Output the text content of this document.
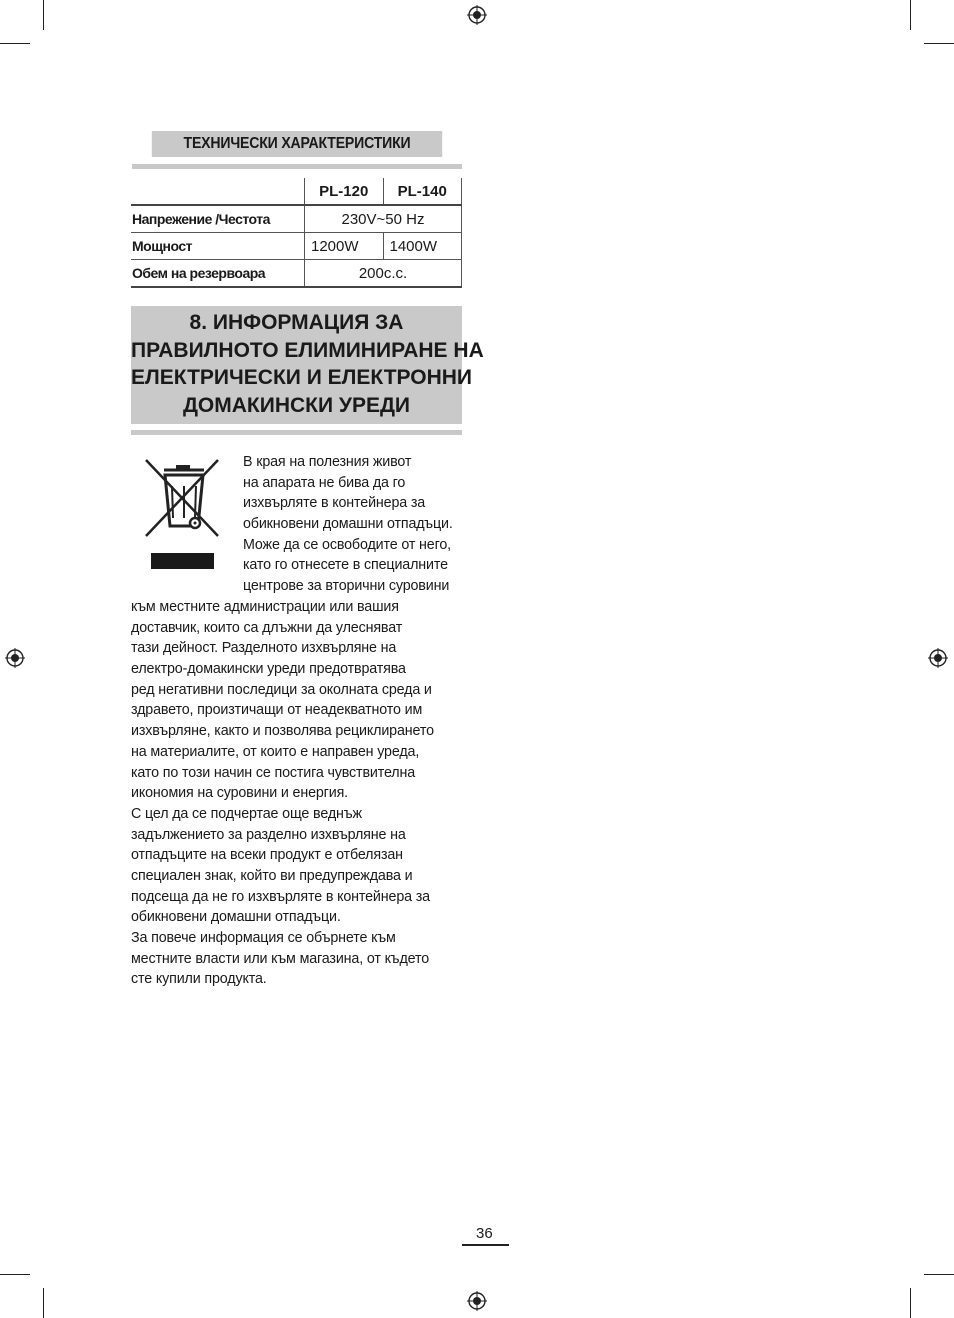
ТЕХНИЧЕСКИ ХАРАКТЕРИСТИКИ
	PL-120	PL-140
Напрежение /Честота	230V~50 Hz	
Мощност	1200W	1400W
Обем на резервоара	200c.c.	
8. ИНФОРМАЦИЯ ЗА
ПРАВИЛНОТО ЕЛИМИНИРАНЕ НА
ЕЛЕКТРИЧЕСКИ И ЕЛЕКТРОННИ
ДОМАКИНСКИ УРЕДИ
В края на полезния живот
на апарата не бива да го
изхвърляте в контейнера за
обикновени домашни отпадъци.
Може да се освободите от него,
като го отнесете в специалните
центрове за вторични суровини
към местните администрации или вашия
доставчик, които са длъжни да улесняват
тази дейност. Разделното изхвърляне на
електро-домакински уреди предотвратява
ред негативни последици за околната среда и
здравето, произтичащи от неадекватното им
изхвърляне, както и позволява рециклирането
на материалите, от които е направен уреда,
като по този начин се постига чувствителна
икономия на суровини и енергия.
С цел да се подчертае още веднъж
задължението за разделно изхвърляне на
отпадъците на всеки продукт е отбелязан
специален знак, който ви предупреждава и
подсеща да не го изхвърляте в контейнера за
обикновени домашни отпадъци.
За повече информация се обърнете към
местните власти или към магазина, от където
сте купили продукта.
36
